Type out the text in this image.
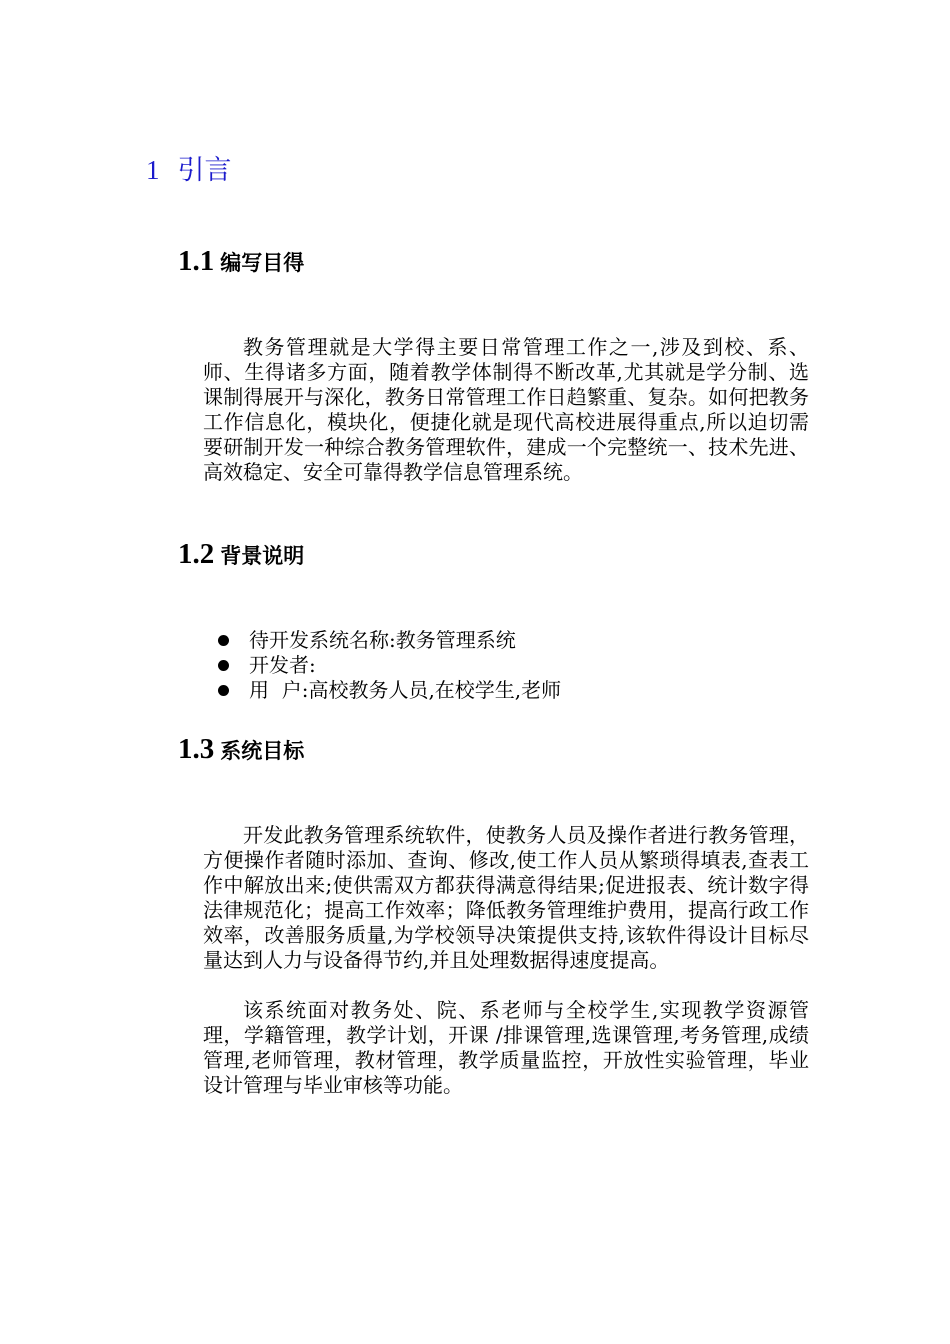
1 引言
1.1 编写目得

教务管理就是大学得主要日常管理工作之一,涉及到校、系、师、生得诸多方面，随着教学体制得不断改革,尤其就是学分制、选课制得展开与深化，教务日常管理工作日趋繁重、复杂。如何把教务工作信息化，模块化，便捷化就是现代高校进展得重点,所以迫切需要研制开发一种综合教务管理软件，建成一个完整统一、技术先进、高效稳定、安全可靠得教学信息管理系统。

1.2 背景说明
待开发系统名称:教务管理系统
开发者:
用  户:高校教务人员,在校学生,老师
1.3 系统目标

开发此教务管理系统软件，使教务人员及操作者进行教务管理，方便操作者随时添加、查询、修改,使工作人员从繁琐得填表,查表工作中解放出来;使供需双方都获得满意得结果;促进报表、统计数字得法律规范化；提高工作效率；降低教务管理维护费用，提高行政工作效率，改善服务质量,为学校领导决策提供支持,该软件得设计目标尽量达到人力与设备得节约,并且处理数据得速度提高。

该系统面对教务处、院、系老师与全校学生,实现教学资源管理，学籍管理，教学计划，开课 /排课管理,选课管理,考务管理,成绩管理,老师管理，教材管理，教学质量监控，开放性实验管理，毕业设计管理与毕业审核等功能。
